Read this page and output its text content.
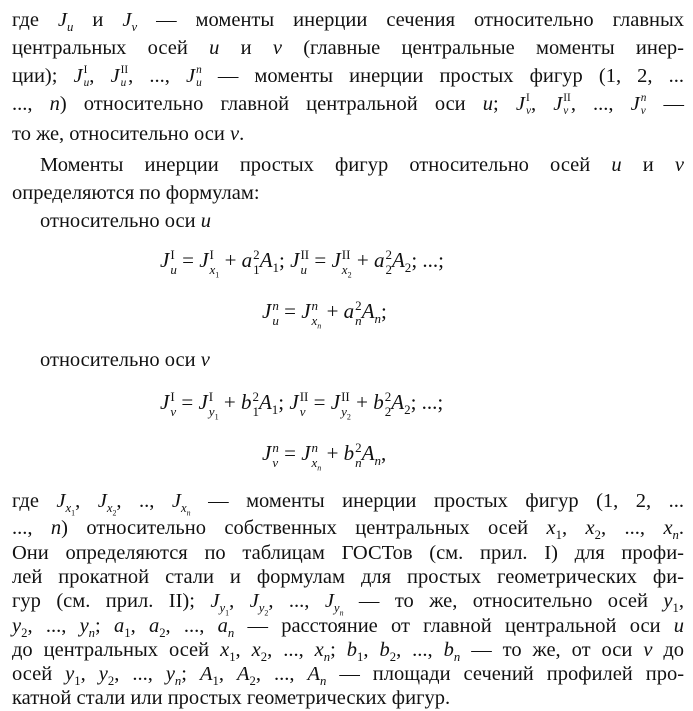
где $J_u$ и $J_v$ — моменты инерции сечения относительно главных
центральных осей u и v (главные центральные моменты инер-
ции); J I
u , J II
u , ..., J n
u — моменты инерции простых фигур (1, 2, ...
..., n) относительно главной центральной оси u; J I
v , J II
v , ..., J n
v —
то же, относительно оси v.
Моменты инерции простых фигур относительно осей u и v
определяются по формулам:
относительно оси u
J I
u = J I
$x_1$
+ a 2
1 $A_1$; J II
u = J II
$x_2$
+ a 2
2 $A_2$; ...;
J n
u = J n
$x_n$
+ a 2
n $A_n$;
относительно оси v
J I
v = J I
$y_1$
+ b 2
1 $A_1$; J II
v = J II
$y_2$
+ b 2
2 $A_2$; ...;
J n
v = J n
$x_n$
+ b 2
n $A_n$,
где $J_{x_1}$, $J_{x_2}$, .., $J_{x_n}$ — моменты инерции простых фигур (1, 2, ...
..., n) относительно собственных центральных осей $x_1$, $x_2$, ..., $x_n$.
Они определяются по таблицам ГОСТов (см. прил. I) для профи-
лей прокатной стали и формулам для простых геометрических фи-
гур (см. прил. II); $J_{y_1}$, $J_{y_2}$, ..., $J_{y_n}$ — то же, относительно осей $y_1$,
$y_2$, ..., $y_n$; $a_1$, $a_2$, ..., $a_n$ — расстояние от главной центральной оси u
до центральных осей $x_1$, $x_2$, ..., $x_n$; $b_1$, $b_2$, ..., $b_n$ — то же, от оси v до
осей $y_1$, $y_2$, ..., $y_n$; $A_1$, $A_2$, ..., $A_n$ — площади сечений профилей про-
катной стали или простых геометрических фигур.
